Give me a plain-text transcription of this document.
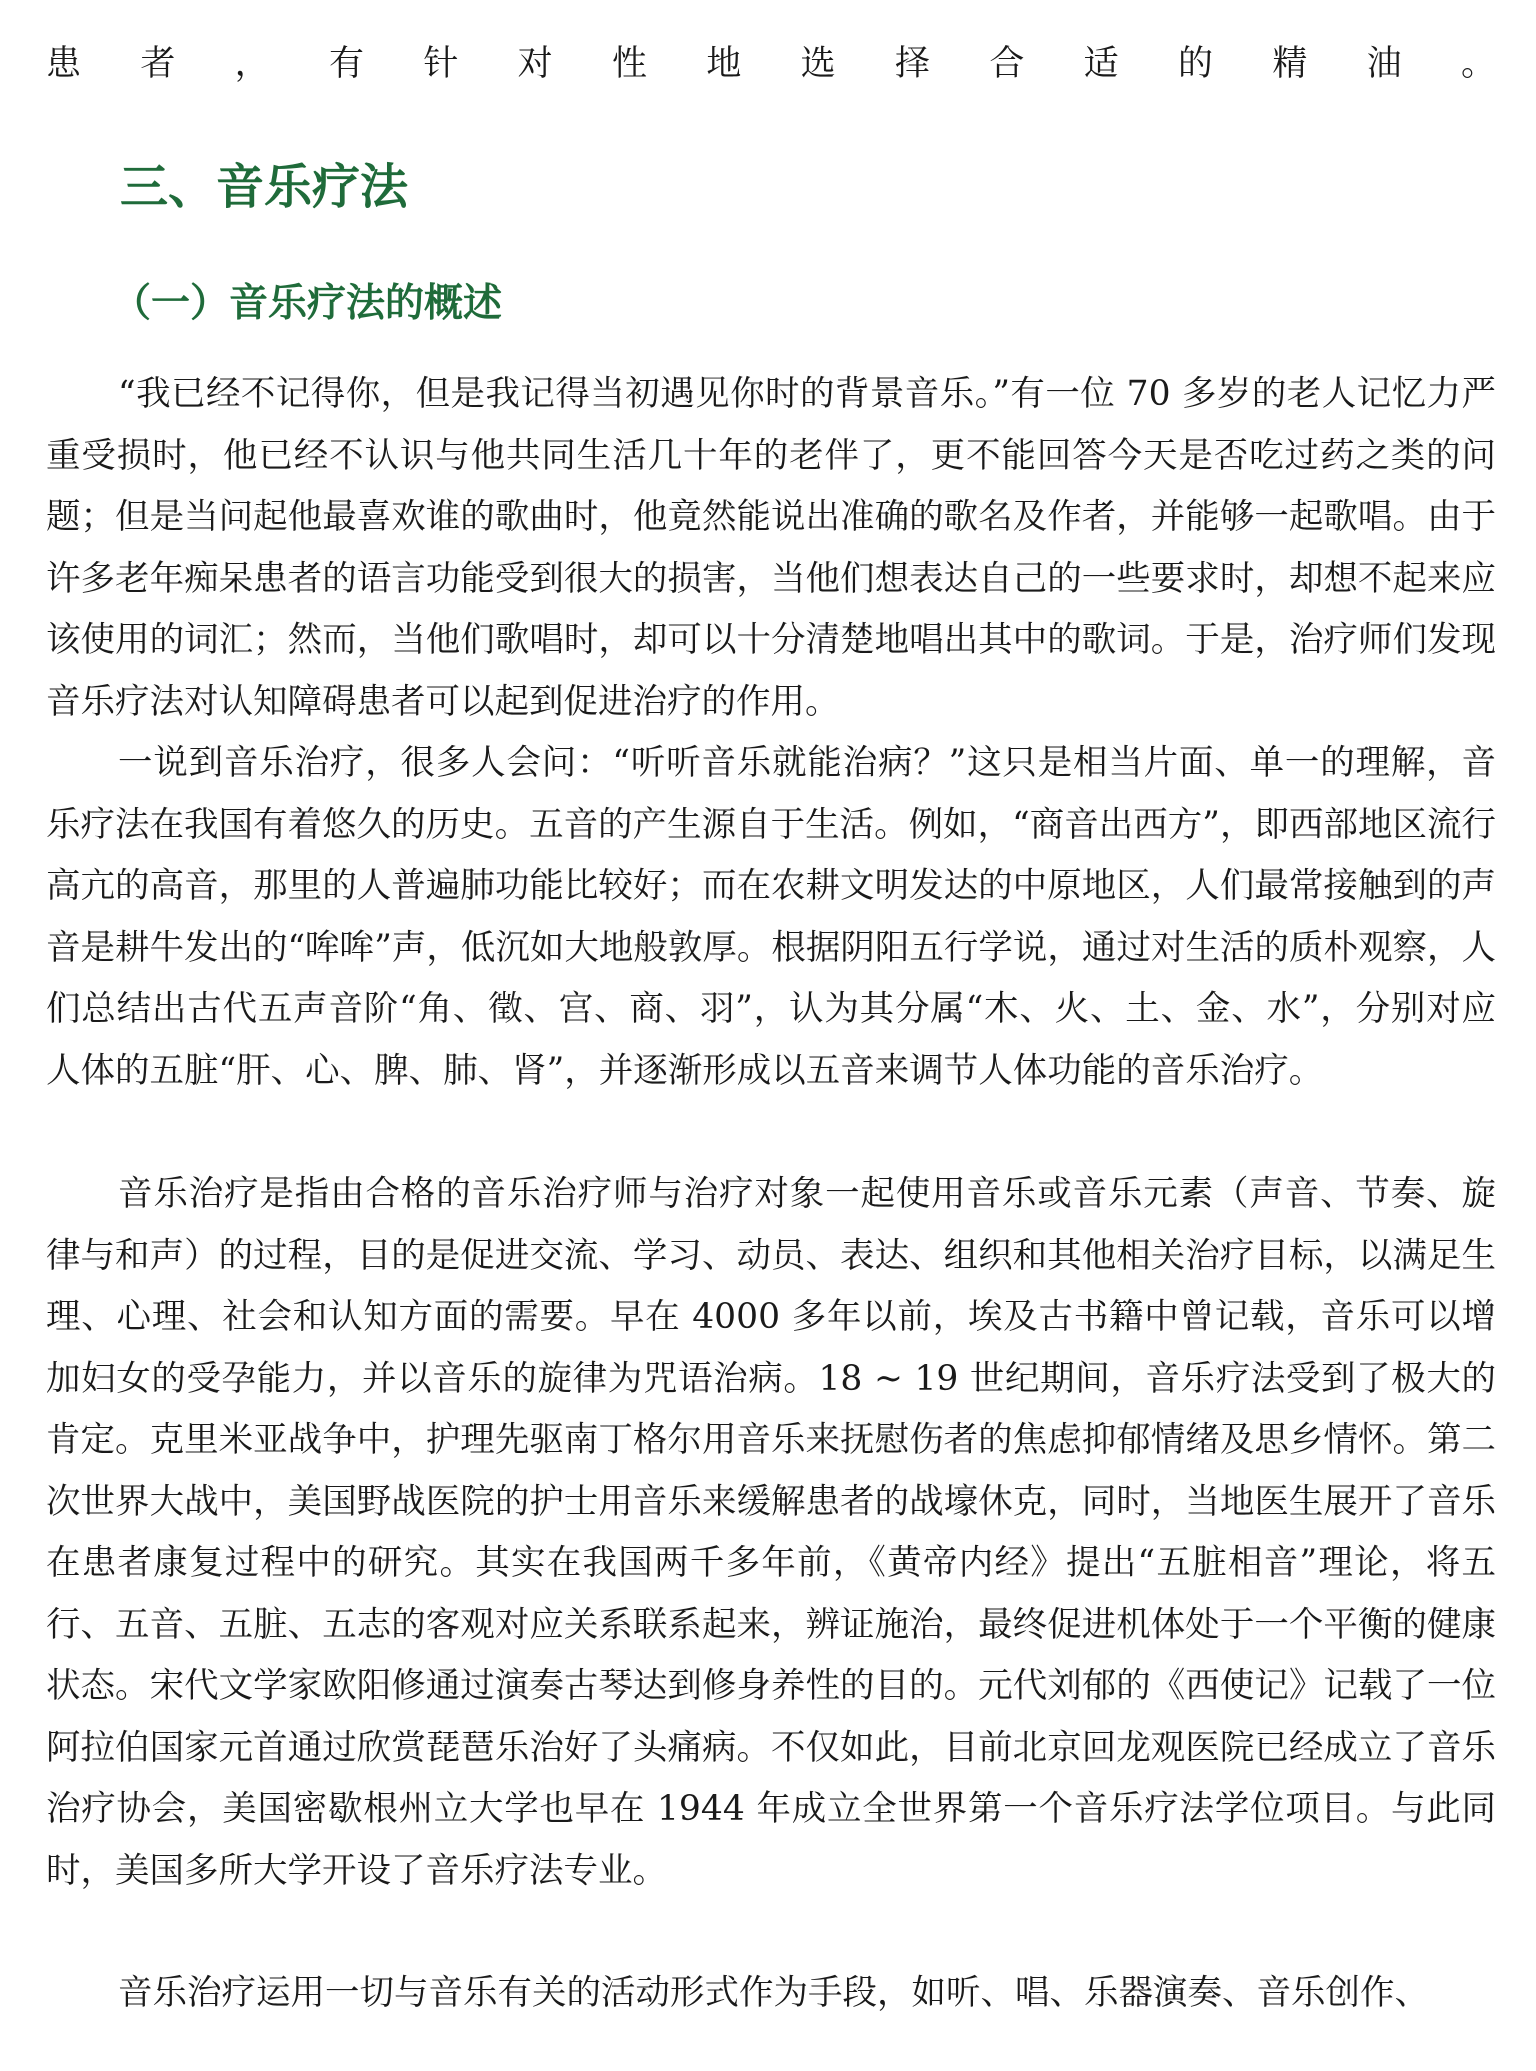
患者，有针对性地选择合适的精油。

三、音乐疗法
（一）音乐疗法的概述

“我已经不记得你，但是我记得当初遇见你时的背景音乐。”有一位 70 多岁的老人记忆力严重受损时，他已经不认识与他共同生活几十年的老伴了，更不能回答今天是否吃过药之类的问题；但是当问起他最喜欢谁的歌曲时，他竟然能说出准确的歌名及作者，并能够一起歌唱。由于许多老年痴呆患者的语言功能受到很大的损害，当他们想表达自己的一些要求时，却想不起来应该使用的词汇；然而，当他们歌唱时，却可以十分清楚地唱出其中的歌词。于是，治疗师们发现音乐疗法对认知障碍患者可以起到促进治疗的作用。

一说到音乐治疗，很多人会问：“听听音乐就能治病？”这只是相当片面、单一的理解，音乐疗法在我国有着悠久的历史。五音的产生源自于生活。例如，“商音出西方”，即西部地区流行高亢的高音，那里的人普遍肺功能比较好；而在农耕文明发达的中原地区，人们最常接触到的声音是耕牛发出的“哞哞”声，低沉如大地般敦厚。根据阴阳五行学说，通过对生活的质朴观察，人们总结出古代五声音阶“角、徵、宫、商、羽”，认为其分属“木、火、土、金、水”，分别对应人体的五脏“肝、心、脾、肺、肾”，并逐渐形成以五音来调节人体功能的音乐治疗。

音乐治疗是指由合格的音乐治疗师与治疗对象一起使用音乐或音乐元素（声音、节奏、旋律与和声）的过程，目的是促进交流、学习、动员、表达、组织和其他相关治疗目标，以满足生理、心理、社会和认知方面的需要。早在 4000 多年以前，埃及古书籍中曾记载，音乐可以增加妇女的受孕能力，并以音乐的旋律为咒语治病。18 ~ 19 世纪期间，音乐疗法受到了极大的肯定。克里米亚战争中，护理先驱南丁格尔用音乐来抚慰伤者的焦虑抑郁情绪及思乡情怀。第二次世界大战中，美国野战医院的护士用音乐来缓解患者的战壕休克，同时，当地医生展开了音乐在患者康复过程中的研究。其实在我国两千多年前，《黄帝内经》提出“五脏相音”理论，将五行、五音、五脏、五志的客观对应关系联系起来，辨证施治，最终促进机体处于一个平衡的健康状态。宋代文学家欧阳修通过演奏古琴达到修身养性的目的。元代刘郁的《西使记》记载了一位阿拉伯国家元首通过欣赏琵琶乐治好了头痛病。不仅如此，目前北京回龙观医院已经成立了音乐治疗协会，美国密歇根州立大学也早在 1944 年成立全世界第一个音乐疗法学位项目。与此同时，美国多所大学开设了音乐疗法专业。

音乐治疗运用一切与音乐有关的活动形式作为手段，如听、唱、乐器演奏、音乐创作、
